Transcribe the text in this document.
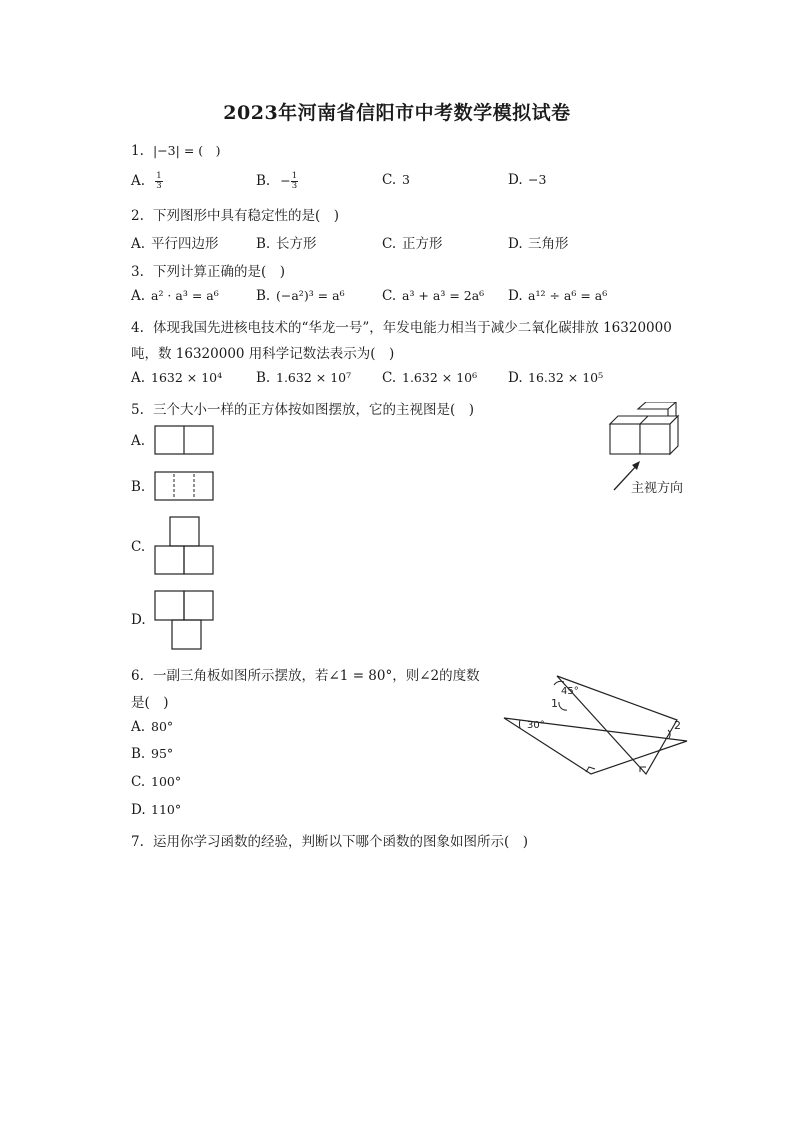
2023年河南省信阳市中考数学模拟试卷
1. |−3| = (　)
A. $\frac{1}{3}$	B. − $\frac{1}{3}$	C. 3	D. −3
2. 下列图形中具有稳定性的是(　)
A. 平行四边形	B. 长方形	C. 正方形	D. 三角形
3. 下列计算正确的是(　)
A. a² · a³ = a⁶	B. (−a²)³ = a⁶	C. a³ + a³ = 2a⁶ D. a¹² ÷ a⁶ = a⁶
4. 体现我国先进核电技术的“华龙一号”，年发电能力相当于减少二氧化碳排放 16320000
吨，数 16320000 用科学记数法表示为(　)
A. 1632 × 10⁴	B. 1.632 × 10⁷ C. 1.632 × 10⁶ D. 16.32 × 10⁵
5. 三个大小一样的正方体按如图摆放，它的主视图是(　)
A.
B.
C.
D.
主视方向
6. 一副三角板如图所示摆放，若∠1 = 80°，则∠2的度数
是(　)
A. 80°
B. 95°
C. 100°
D. 110°
45°
30°
1
2
7. 运用你学习函数的经验，判断以下哪个函数的图象如图所示(　)
